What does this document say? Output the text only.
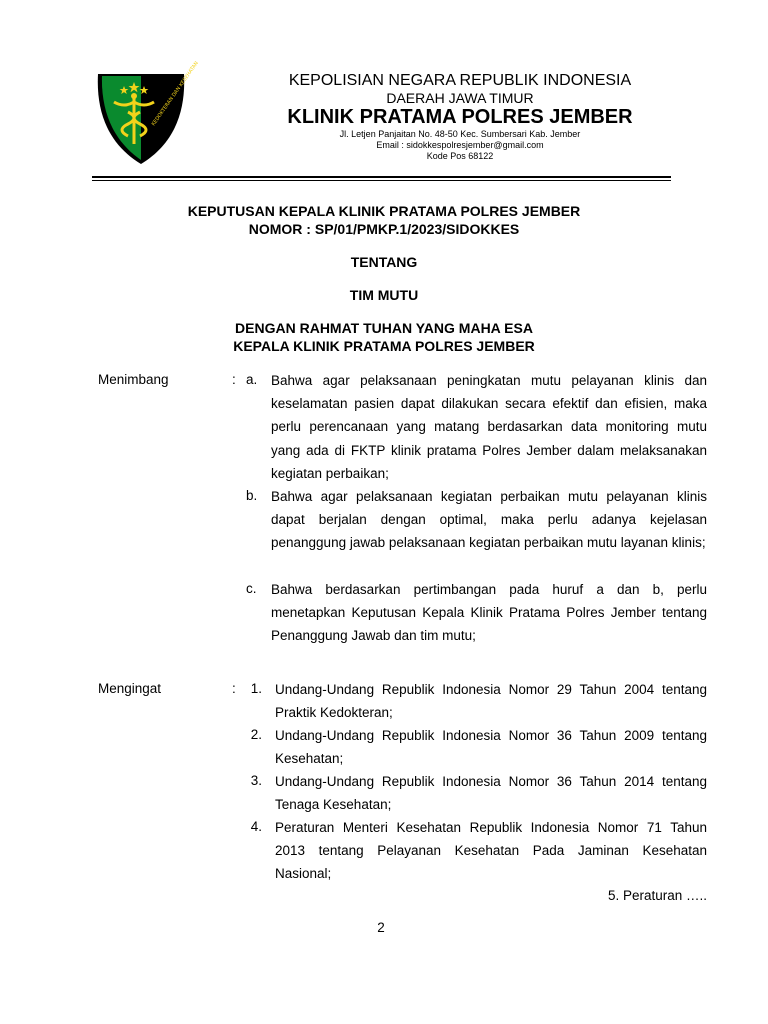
KEDOKTERAN DAN KESEHATAN	KEPOLISIAN NEGARA REPUBLIK INDONESIA
DAERAH JAWA TIMUR
KLINIK PRATAMA POLRES JEMBER
Jl. Letjen Panjaitan No. 48-50 Kec. Sumbersari Kab. Jember
Email : sidokkespolresjember@gmail.com
Kode Pos 68122
KEPUTUSAN KEPALA KLINIK PRATAMA POLRES JEMBER
NOMOR : SP/01/PMKP.1/2023/SIDOKKES
TENTANG
TIM MUTU
DENGAN RAHMAT TUHAN YANG MAHA ESA
KEPALA KLINIK PRATAMA POLRES JEMBER
Menimbang	: a. Bahwa agar pelaksanaan peningkatan mutu pelayanan klinis dan keselamatan pasien dapat dilakukan secara efektif dan efisien, maka perlu perencanaan yang matang berdasarkan data monitoring mutu yang ada di FKTP klinik pratama Polres Jember dalam melaksanakan kegiatan perbaikan;
b. Bahwa agar pelaksanaan kegiatan perbaikan mutu pelayanan klinis dapat berjalan dengan optimal, maka perlu adanya kejelasan penanggung jawab pelaksanaan kegiatan perbaikan mutu layanan klinis;
c. Bahwa berdasarkan pertimbangan pada huruf a dan b, perlu menetapkan Keputusan Kepala Klinik Pratama Polres Jember tentang Penanggung Jawab dan tim mutu;
Mengingat	:	1. Undang-Undang Republik Indonesia Nomor 29 Tahun 2004 tentang Praktik Kedokteran;
2. Undang-Undang Republik Indonesia Nomor 36 Tahun 2009 tentang Kesehatan;
3. Undang-Undang Republik Indonesia Nomor 36 Tahun 2014 tentang Tenaga Kesehatan;
4. Peraturan Menteri Kesehatan Republik Indonesia Nomor 71 Tahun 2013 tentang Pelayanan Kesehatan Pada Jaminan Kesehatan Nasional;
5. Peraturan …..
2
